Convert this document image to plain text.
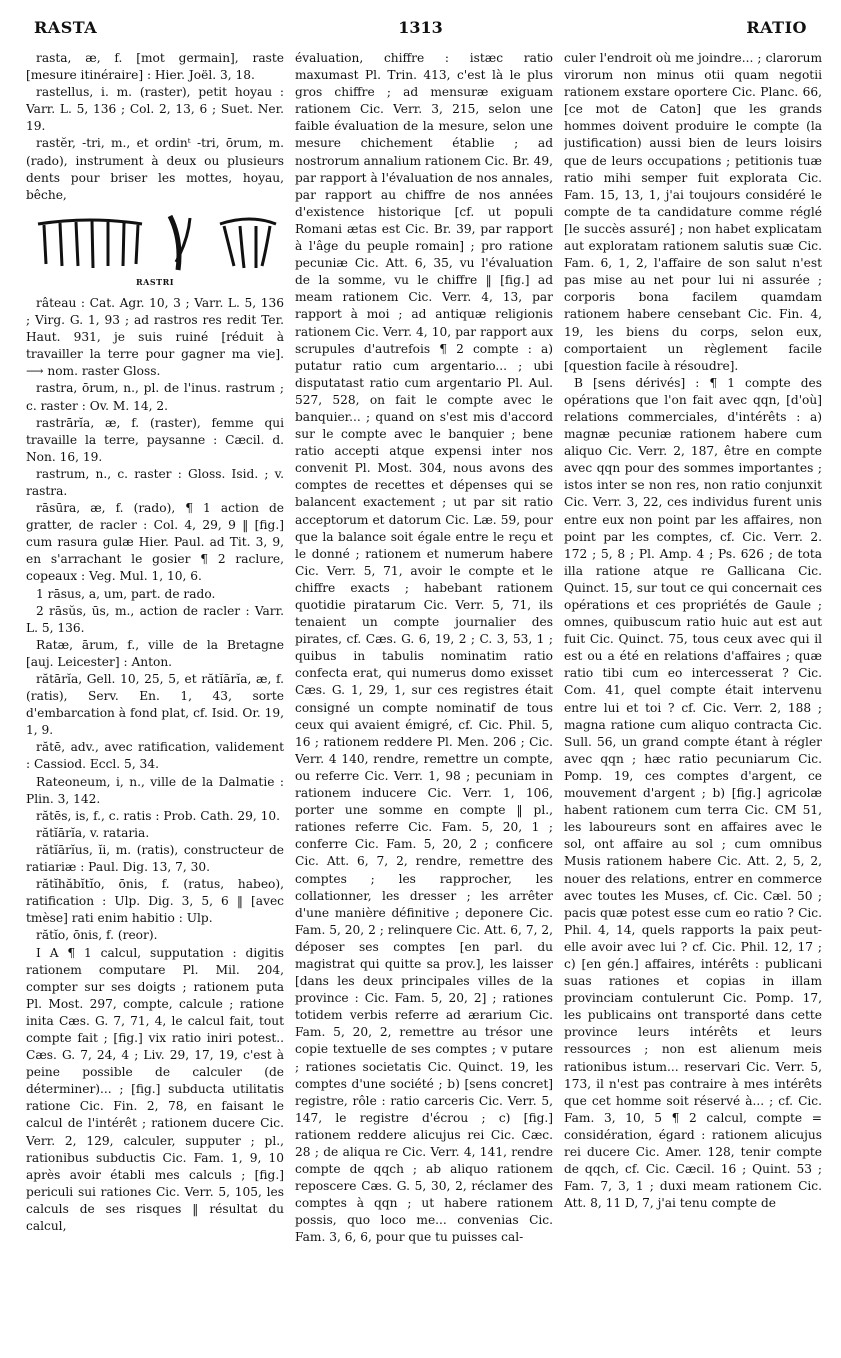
RASTA	1313	RATIO

rasta, æ, f. [mot germain], raste [mesure itinéraire] : Hier. Joël. 3, 18.

rastellus, i. m. (raster), petit hoyau : Varr. L. 5, 136 ; Col. 2, 13, 6 ; Suet. Ner. 19.

rastĕr, -tri, m., et ordinᵗ -tri, ōrum, m. (rado), instrument à deux ou plusieurs dents pour briser les mottes, hoyau, bêche,

RASTRI

râteau : Cat. Agr. 10, 3 ; Varr. L. 5, 136 ; Virg. G. 1, 93 ; ad rastros res redit Ter. Haut. 931, je suis ruiné [réduit à travailler la terre pour gagner ma vie]. ⟶ nom. raster Gloss.

rastra, ōrum, n., pl. de l'inus. rastrum ; c. raster : Ov. M. 14, 2.

rastrārĭa, æ, f. (raster), femme qui travaille la terre, paysanne : Cæcil. d. Non. 16, 19.

rastrum, n., c. raster : Gloss. Isid. ; v. rastra.

rāsūra, æ, f. (rado), ¶ 1 action de gratter, de racler : Col. 4, 29, 9 ‖ [fig.] cum rasura gulæ Hier. Paul. ad Tit. 3, 9, en s'arrachant le gosier ¶ 2 raclure, copeaux : Veg. Mul. 1, 10, 6.

1 rāsus, a, um, part. de rado.

2 rāsŭs, ūs, m., action de racler : Varr. L. 5, 136.

Ratæ, ārum, f., ville de la Bretagne [auj. Leicester] : Anton.

rătārĭa, Gell. 10, 25, 5, et rătĭārĭa, æ, f. (ratis), Serv. En. 1, 43, sorte d'embarcation à fond plat, cf. Isid. Or. 19, 1, 9.

rătē, adv., avec ratification, validement : Cassiod. Eccl. 5, 34.

Rateoneum, i, n., ville de la Dalmatie : Plin. 3, 142.

rătēs, is, f., c. ratis : Prob. Cath. 29, 10.

rătĭārĭa, v. rataria.

rătĭārĭus, ĭi, m. (ratis), constructeur de ratiariæ : Paul. Dig. 13, 7, 30.

rătĭhăbĭtĭo, ōnis, f. (ratus, habeo), ratification : Ulp. Dig. 3, 5, 6 ‖ [avec tmèse] rati enim habitio : Ulp.

rătĭo, ōnis, f. (reor).

I A ¶ 1 calcul, supputation : digitis rationem computare Pl. Mil. 204, compter sur ses doigts ; rationem puta Pl. Most. 297, compte, calcule ; ratione inita Cæs. G. 7, 71, 4, le calcul fait, tout compte fait ; [fig.] vix ratio iniri potest.. Cæs. G. 7, 24, 4 ; Liv. 29, 17, 19, c'est à peine possible de calculer (de déterminer)... ; [fig.] subducta utilitatis ratione Cic. Fin. 2, 78, en faisant le calcul de l'intérêt ; rationem ducere Cic. Verr. 2, 129, calculer, supputer ; pl., rationibus subductis Cic. Fam. 1, 9, 10 après avoir établi mes calculs ; [fig.] periculi sui rationes Cic. Verr. 5, 105, les calculs de ses risques ‖ résultat du calcul,

évaluation, chiffre : istæc ratio maxumast Pl. Trin. 413, c'est là le plus gros chiffre ; ad mensuræ exiguam rationem Cic. Verr. 3, 215, selon une faible évaluation de la mesure, selon une mesure chichement établie ; ad nostrorum annalium rationem Cic. Br. 49, par rapport à l'évaluation de nos annales, par rapport au chiffre de nos années d'existence historique [cf. ut populi Romani ætas est Cic. Br. 39, par rapport à l'âge du peuple romain] ; pro ratione pecuniæ Cic. Att. 6, 35, vu l'évaluation de la somme, vu le chiffre ‖ [fig.] ad meam rationem Cic. Verr. 4, 13, par rapport à moi ; ad antiquæ religionis rationem Cic. Verr. 4, 10, par rapport aux scrupules d'autrefois ¶ 2 compte : a) putatur ratio cum argentario... ; ubi disputatast ratio cum argentario Pl. Aul. 527, 528, on fait le compte avec le banquier... ; quand on s'est mis d'accord sur le compte avec le banquier ; bene ratio accepti atque expensi inter nos convenit Pl. Most. 304, nous avons des comptes de recettes et dépenses qui se balancent exactement ; ut par sit ratio acceptorum et datorum Cic. Læ. 59, pour que la balance soit égale entre le reçu et le donné ; rationem et numerum habere Cic. Verr. 5, 71, avoir le compte et le chiffre exacts ; habebant rationem quotidie piratarum Cic. Verr. 5, 71, ils tenaient un compte journalier des pirates, cf. Cæs. G. 6, 19, 2 ; C. 3, 53, 1 ; quibus in tabulis nominatim ratio confecta erat, qui numerus domo exisset Cæs. G. 1, 29, 1, sur ces registres était consigné un compte nominatif de tous ceux qui avaient émigré, cf. Cic. Phil. 5, 16 ; rationem reddere Pl. Men. 206 ; Cic. Verr. 4 140, rendre, remettre un compte, ou referre Cic. Verr. 1, 98 ; pecuniam in rationem inducere Cic. Verr. 1, 106, porter une somme en compte ‖ pl., rationes referre Cic. Fam. 5, 20, 1 ; conferre Cic. Fam. 5, 20, 2 ; conficere Cic. Att. 6, 7, 2, rendre, remettre des comptes ; les rapprocher, les collationner, les dresser ; les arrêter d'une manière définitive ; deponere Cic. Fam. 5, 20, 2 ; relinquere Cic. Att. 6, 7, 2, déposer ses comptes [en parl. du magistrat qui quitte sa prov.], les laisser [dans les deux principales villes de la province : Cic. Fam. 5, 20, 2] ; rationes totidem verbis referre ad ærarium Cic. Fam. 5, 20, 2, remettre au trésor une copie textuelle de ses comptes ; v putare ; rationes societatis Cic. Quinct. 19, les comptes d'une société ; b) [sens concret] registre, rôle : ratio carceris Cic. Verr. 5, 147, le registre d'écrou ; c) [fig.] rationem reddere alicujus rei Cic. Cæc. 28 ; de aliqua re Cic. Verr. 4, 141, rendre compte de qqch ; ab aliquo rationem reposcere Cæs. G. 5, 30, 2, réclamer des comptes à qqn ; ut habere rationem possis, quo loco me... convenias Cic. Fam. 3, 6, 6, pour que tu puisses cal-

culer l'endroit où me joindre... ; clarorum virorum non minus otii quam negotii rationem exstare oportere Cic. Planc. 66, [ce mot de Caton] que les grands hommes doivent produire le compte (la justification) aussi bien de leurs loisirs que de leurs occupations ; petitionis tuæ ratio mihi semper fuit explorata Cic. Fam. 15, 13, 1, j'ai toujours considéré le compte de ta candidature comme réglé [le succès assuré] ; non habet explicatam aut exploratam rationem salutis suæ Cic. Fam. 6, 1, 2, l'affaire de son salut n'est pas mise au net pour lui ni assurée ; corporis bona facilem quamdam rationem habere censebant Cic. Fin. 4, 19, les biens du corps, selon eux, comportaient un règlement facile [question facile à résoudre].

B [sens dérivés] : ¶ 1 compte des opérations que l'on fait avec qqn, [d'où] relations commerciales, d'intérêts : a) magnæ pecuniæ rationem habere cum aliquo Cic. Verr. 2, 187, être en compte avec qqn pour des sommes importantes ; istos inter se non res, non ratio conjunxit Cic. Verr. 3, 22, ces individus furent unis entre eux non point par les affaires, non point par les comptes, cf. Cic. Verr. 2. 172 ; 5, 8 ; Pl. Amp. 4 ; Ps. 626 ; de tota illa ratione atque re Gallicana Cic. Quinct. 15, sur tout ce qui concernait ces opérations et ces propriétés de Gaule ; omnes, quibuscum ratio huic aut est aut fuit Cic. Quinct. 75, tous ceux avec qui il est ou a été en relations d'affaires ; quæ ratio tibi cum eo intercesserat ? Cic. Com. 41, quel compte était intervenu entre lui et toi ? cf. Cic. Verr. 2, 188 ; magna ratione cum aliquo contracta Cic. Sull. 56, un grand compte étant à régler avec qqn ; hæc ratio pecuniarum Cic. Pomp. 19, ces comptes d'argent, ce mouvement d'argent ; b) [fig.] agricolæ habent rationem cum terra Cic. CM 51, les laboureurs sont en affaires avec le sol, ont affaire au sol ; cum omnibus Musis rationem habere Cic. Att. 2, 5, 2, nouer des relations, entrer en commerce avec toutes les Muses, cf. Cic. Cæl. 50 ; pacis quæ potest esse cum eo ratio ? Cic. Phil. 4, 14, quels rapports la paix peut-elle avoir avec lui ? cf. Cic. Phil. 12, 17 ; c) [en gén.] affaires, intérêts : publicani suas rationes et copias in illam provinciam contulerunt Cic. Pomp. 17, les publicains ont transporté dans cette province leurs intérêts et leurs ressources ; non est alienum meis rationibus istum... reservari Cic. Verr. 5, 173, il n'est pas contraire à mes intérêts que cet homme soit réservé à... ; cf. Cic. Fam. 3, 10, 5 ¶ 2 calcul, compte = considération, égard : rationem alicujus rei ducere Cic. Amer. 128, tenir compte de qqch, cf. Cic. Cæcil. 16 ; Quint. 53 ; Fam. 7, 3, 1 ; duxi meam rationem Cic. Att. 8, 11 D, 7, j'ai tenu compte de
